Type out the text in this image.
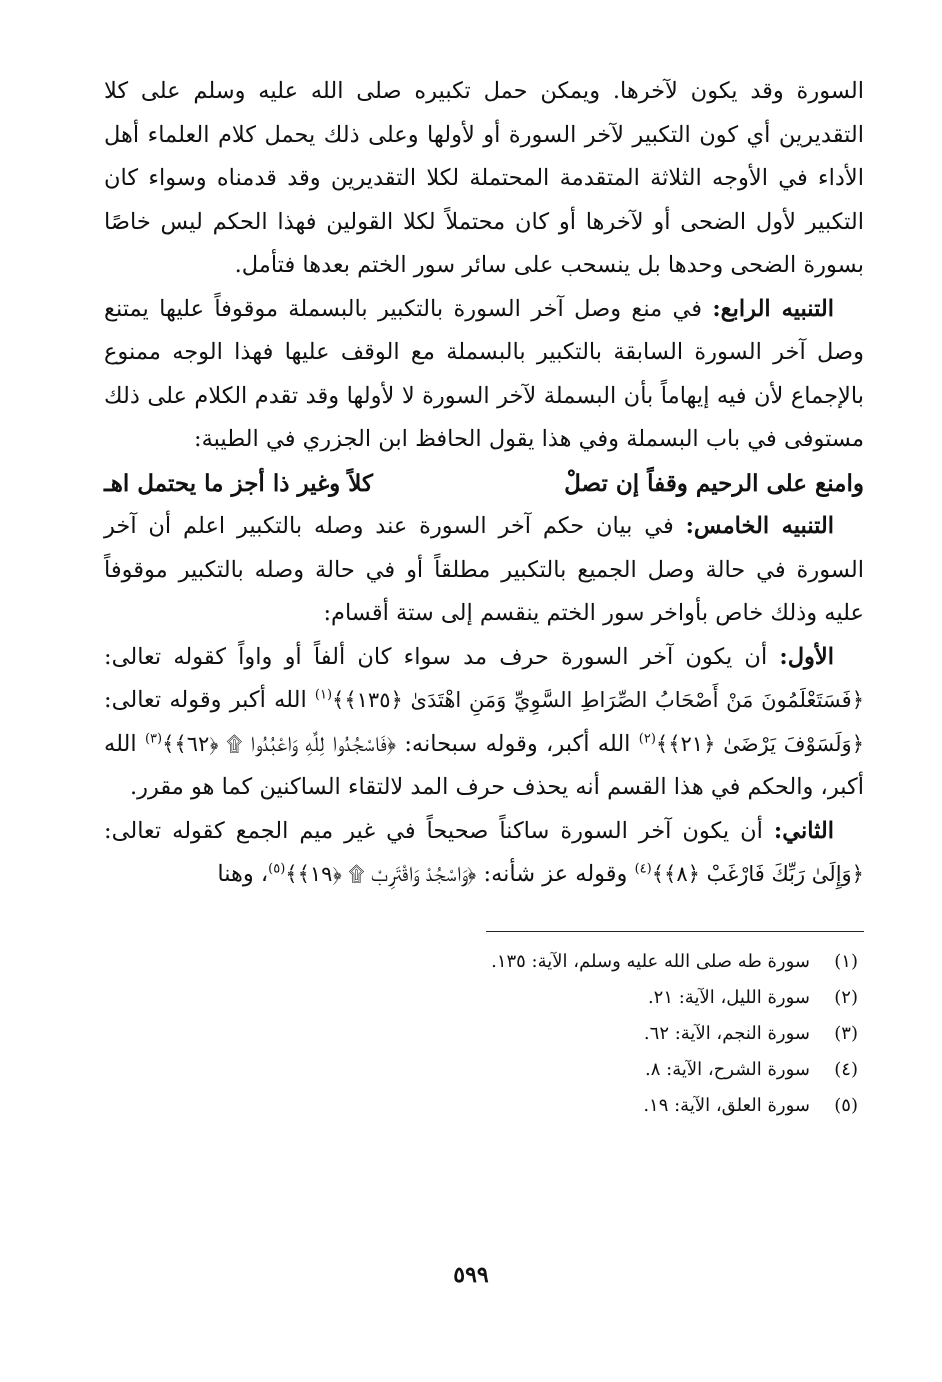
السورة وقد يكون لآخرها. ويمكن حمل تكبيره صلى الله عليه وسلم على كلا التقديرين أي كون التكبير لآخر السورة أو لأولها وعلى ذلك يحمل كلام العلماء أهل الأداء في الأوجه الثلاثة المتقدمة المحتملة لكلا التقديرين وقد قدمناه وسواء كان التكبير لأول الضحى أو لآخرها أو كان محتملاً لكلا القولين فهذا الحكم ليس خاصًا بسورة الضحى وحدها بل ينسحب على سائر سور الختم بعدها فتأمل.

التنبيه الرابع: في منع وصل آخر السورة بالتكبير بالبسملة موقوفاً عليها يمتنع وصل آخر السورة السابقة بالتكبير بالبسملة مع الوقف عليها فهذا الوجه ممنوع بالإجماع لأن فيه إيهاماً بأن البسملة لآخر السورة لا لأولها وقد تقدم الكلام على ذلك مستوفى في باب البسملة وفي هذا يقول الحافظ ابن الجزري في الطيبة:

وامنع على الرحيم وقفاً إن تصلْ
كلاً وغير ذا أجز ما يحتمل اهـ

التنبيه الخامس: في بيان حكم آخر السورة عند وصله بالتكبير اعلم أن آخر السورة في حالة وصل الجميع بالتكبير مطلقاً أو في حالة وصله بالتكبير موقوفاً عليه وذلك خاص بأواخر سور الختم ينقسم إلى ستة أقسام:

الأول: أن يكون آخر السورة حرف مد سواء كان ألفاً أو واواً كقوله تعالى: ﴿فَسَتَعْلَمُونَ مَنْ أَصْحَابُ الصِّرَاطِ السَّوِيِّ وَمَنِ اهْتَدَىٰ ﴿١٣٥﴾﴾$^{(١)}$ الله أكبر وقوله تعالى: ﴿وَلَسَوْفَ يَرْضَىٰ ﴿٢١﴾﴾$^{(٢)}$ الله أكبر، وقوله سبحانه: ﴿فَاسْجُدُوا لِلَّهِ وَاعْبُدُوا ۩ ﴿٦٢﴾﴾$^{(٣)}$ الله أكبر، والحكم في هذا القسم أنه يحذف حرف المد لالتقاء الساكنين كما هو مقرر.

الثاني: أن يكون آخر السورة ساكناً صحيحاً في غير ميم الجمع كقوله تعالى: ﴿وَإِلَىٰ رَبِّكَ فَارْغَبْ ﴿٨﴾﴾$^{(٤)}$ وقوله عز شأنه: ﴿وَاسْجُدْ وَاقْتَرِبْ ۩ ﴿١٩﴾﴾$^{(٥)}$، وهنا

(١)
سورة طه صلى الله عليه وسلم، الآية: ١٣٥.
(٢)
سورة الليل، الآية: ٢١.
(٣)
سورة النجم، الآية: ٦٢.
(٤)
سورة الشرح، الآية: ٨.
(٥)
سورة العلق، الآية: ١٩.
٥٩٩
